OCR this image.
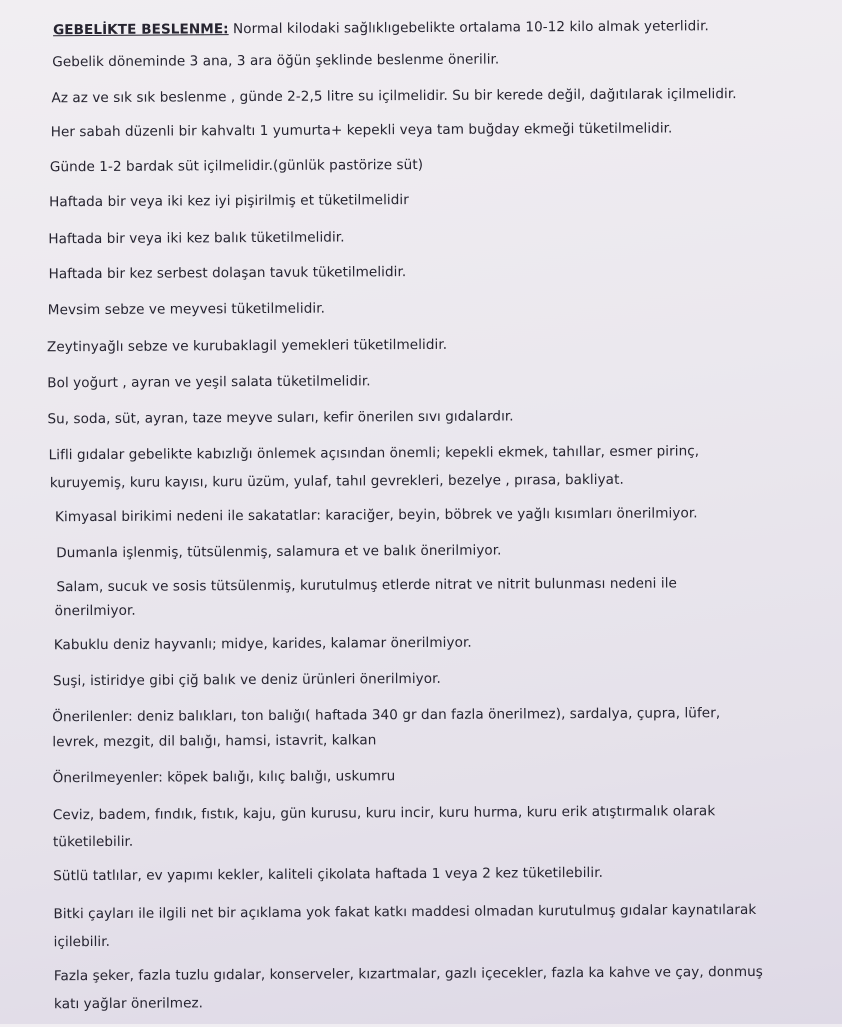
GEBELİKTE BESLENME: Normal kilodaki sağlıklıgebelikte ortalama 10-12 kilo almak yeterlidir.
Gebelik döneminde 3 ana, 3 ara öğün şeklinde beslenme önerilir.
Az az ve sık sık beslenme , günde 2-2,5 litre su içilmelidir. Su bir kerede değil, dağıtılarak içilmelidir.
Her sabah düzenli bir kahvaltı 1 yumurta+ kepekli veya tam buğday ekmeği tüketilmelidir.
Günde 1-2 bardak süt içilmelidir.(günlük pastörize süt)
Haftada bir veya iki kez iyi pişirilmiş et tüketilmelidir
Haftada bir veya iki kez balık tüketilmelidir.
Haftada bir kez serbest dolaşan tavuk tüketilmelidir.
Mevsim sebze ve meyvesi tüketilmelidir.
Zeytinyağlı sebze ve kurubaklagil yemekleri tüketilmelidir.
Bol yoğurt , ayran ve yeşil salata tüketilmelidir.
Su, soda, süt, ayran, taze meyve suları, kefir önerilen sıvı gıdalardır.
Lifli gıdalar gebelikte kabızlığı önlemek açısından önemli; kepekli ekmek, tahıllar, esmer pirinç,
kuruyemiş, kuru kayısı, kuru üzüm, yulaf, tahıl gevrekleri, bezelye , pırasa, bakliyat.
Kimyasal birikimi nedeni ile sakatatlar: karaciğer, beyin, böbrek ve yağlı kısımları önerilmiyor.
Dumanla işlenmiş, tütsülenmiş, salamura et ve balık önerilmiyor.
Salam, sucuk ve sosis tütsülenmiş, kurutulmuş etlerde nitrat ve nitrit bulunması nedeni ile
önerilmiyor.
Kabuklu deniz hayvanlı; midye, karides, kalamar önerilmiyor.
Suşi, istiridye gibi çiğ balık ve deniz ürünleri önerilmiyor.
Önerilenler: deniz balıkları, ton balığı( haftada 340 gr dan fazla önerilmez), sardalya, çupra, lüfer,
levrek, mezgit, dil balığı, hamsi, istavrit, kalkan
Önerilmeyenler: köpek balığı, kılıç balığı, uskumru
Ceviz, badem, fındık, fıstık, kaju, gün kurusu, kuru incir, kuru hurma, kuru erik atıştırmalık olarak
tüketilebilir.
Sütlü tatlılar, ev yapımı kekler, kaliteli çikolata haftada 1 veya 2 kez tüketilebilir.
Bitki çayları ile ilgili net bir açıklama yok fakat katkı maddesi olmadan kurutulmuş gıdalar kaynatılarak
içilebilir.
Fazla şeker, fazla tuzlu gıdalar, konserveler, kızartmalar, gazlı içecekler, fazla ka kahve ve çay, donmuş
katı yağlar önerilmez.
